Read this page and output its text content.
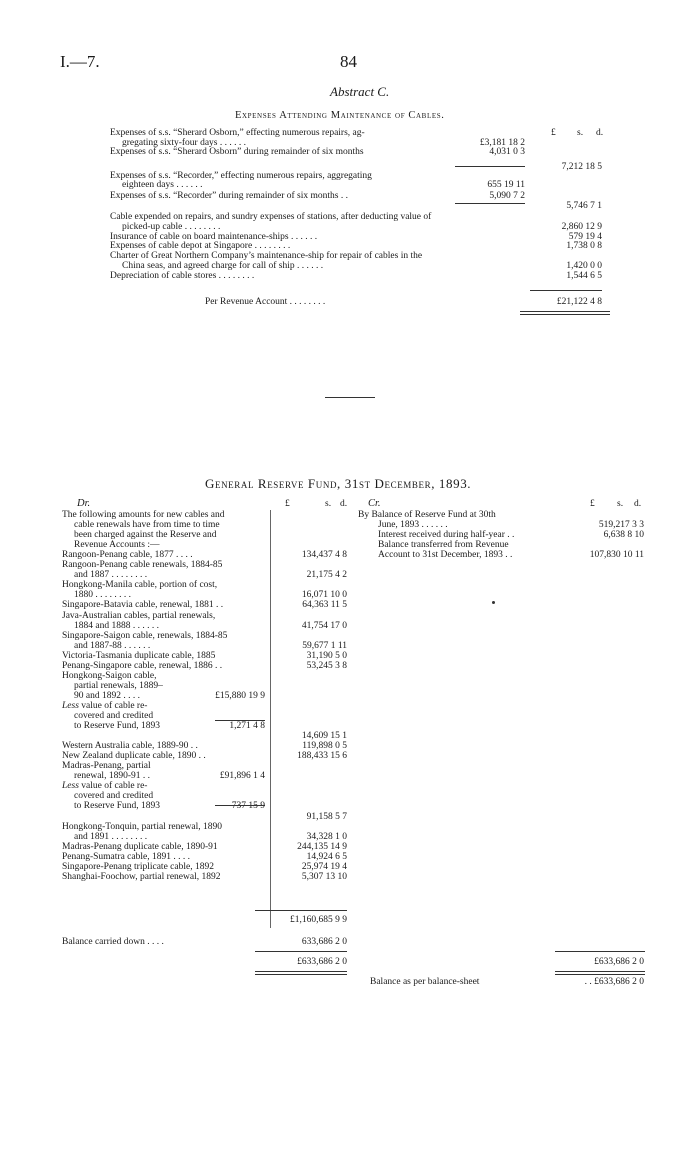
I.—7.	84
Abstract C.
Expenses Attending Maintenance of Cables.
£ s. d.
Expenses of s.s. “Sherard Osborn,” effecting numerous repairs, ag-
gregating sixty-four days . . . . . .	£3,181 18 2
Expenses of s.s. “Sherard Osborn” during remainder of six months	4,031 0 3
7,212 18 5
Expenses of s.s. “Recorder,” effecting numerous repairs, aggregating
eighteen days . . . . . .	655 19 11
Expenses of s.s. “Recorder” during remainder of six months . .	5,090 7 2
5,746 7 1
Cable expended on repairs, and sundry expenses of stations, after deducting value of
picked-up cable . . . . . . . .	2,860 12 9
Insurance of cable on board maintenance-ships . . . . . .	579 19 4
Expenses of cable depot at Singapore . . . . . . . .	1,738 0 8
Charter of Great Northern Company’s maintenance-ship for repair of cables in the
China seas, and agreed charge for call of ship . . . . . .	1,420 0 0
Depreciation of cable stores . . . . . . . .	1,544 6 5
Per Revenue Account . . . . . . . .	£21,122 4 8
General Reserve Fund, 31st December, 1893.
Dr.	£	s. d. Cr.	£ s. d.
The following amounts for new cables and
cable renewals have from time to time
been charged against the Reserve and
Revenue Accounts :—
Rangoon-Penang cable, 1877 . . . .	134,437 4 8
Rangoon-Penang cable renewals, 1884-85
and 1887 . . . . . . . .	21,175 4 2
Hongkong-Manila cable, portion of cost,
1880 . . . . . . . .	16,071 10 0
Singapore-Batavia cable, renewal, 1881 . .	64,363 11 5
Java-Australian cables, partial renewals,
1884 and 1888 . . . . . .	41,754 17 0
Singapore-Saigon cable, renewals, 1884-85
and 1887-88 . . . . . .	59,677 1 11
Victoria-Tasmania duplicate cable, 1885	31,190 5 0
Penang-Singapore cable, renewal, 1886 . .	53,245 3 8
Hongkong-Saigon cable,
partial renewals, 1889–
90 and 1892 . . . .	£15,880 19 9
Less value of cable re-
covered and credited
to Reserve Fund, 1893	1,271 4 8
14,609 15 1
Western Australia cable, 1889-90 . .	119,898 0 5
New Zealand duplicate cable, 1890 . .	188,433 15 6
Madras-Penang, partial
renewal, 1890-91 . .	£91,896 1 4
Less value of cable re-
covered and credited
to Reserve Fund, 1893	737 15 9
91,158 5 7
Hongkong-Tonquin, partial renewal, 1890
and 1891 . . . . . . . .	34,328 1 0
Madras-Penang duplicate cable, 1890-91	244,135 14 9
Penang-Sumatra cable, 1891 . . . .	14,924 6 5
Singapore-Penang triplicate cable, 1892	25,974 19 4
Shanghai-Foochow, partial renewal, 1892	5,307 13 10
By Balance of Reserve Fund at 30th
June, 1893 . . . . . .	519,217 3 3
Interest received during half-year . .	6,638 8 10
Balance transferred from Revenue
Account to 31st December, 1893 . .	107,830 10 11
£1,160,685 9 9
Balance carried down . . . .	633,686 2 0
£633,686 2 0	£633,686 2 0
Balance as per balance-sheet	. . £633,686 2 0
